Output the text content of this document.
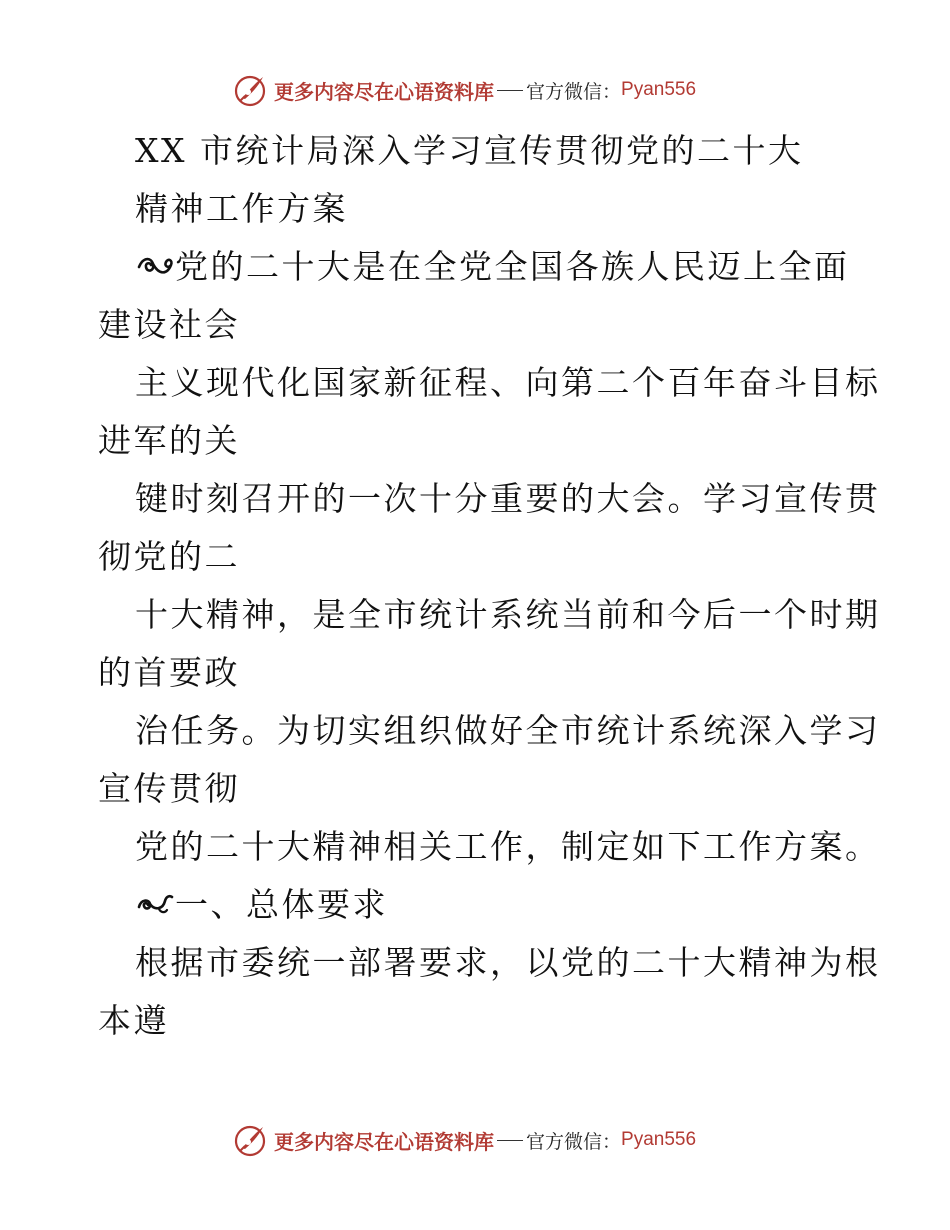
更多内容尽在心语资料库 官方微信： Pyan556
XX 市统计局深入学习宣传贯彻党的二十大
精神工作方案
党的二十大是在全党全国各族人民迈上全面
建设社会
主义现代化国家新征程、向第二个百年奋斗目标
进军的关
键时刻召开的一次十分重要的大会。学习宣传贯
彻党的二
十大精神，是全市统计系统当前和今后一个时期
的首要政
治任务。为切实组织做好全市统计系统深入学习
宣传贯彻
党的二十大精神相关工作，制定如下工作方案。
一、总体要求
根据市委统一部署要求，以党的二十大精神为根
本遵
更多内容尽在心语资料库 官方微信： Pyan556
